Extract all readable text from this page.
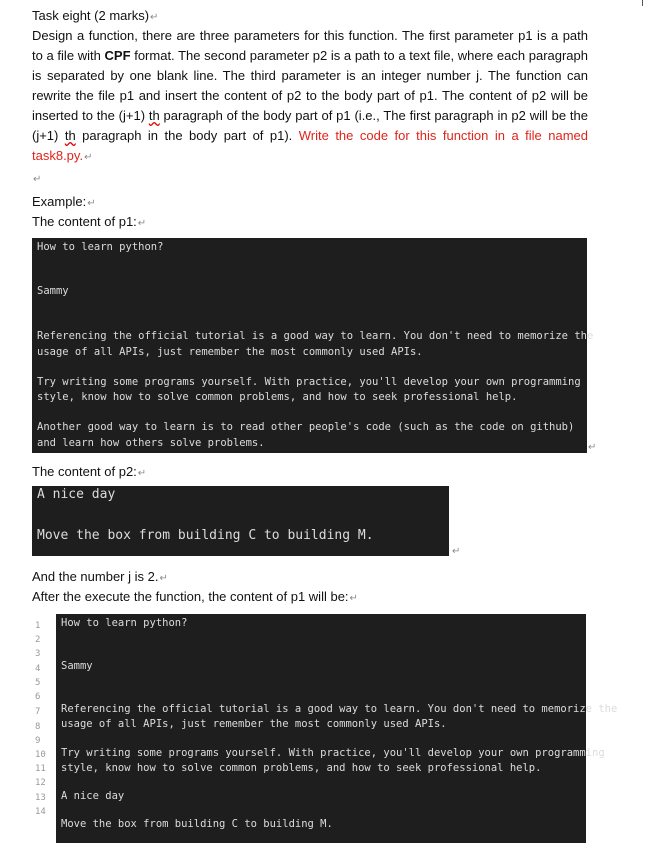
Task eight (2 marks)↵
Design a function, there are three parameters for this function. The first parameter p1 is a path to a file with CPF format. The second parameter p2 is a path to a text file, where each paragraph is separated by one blank line. The third parameter is an integer number j. The function can rewrite the file p1 and insert the content of p2 to the body part of p1. The content of p2 will be inserted to the (j+1) th paragraph of the body part of p1 (i.e., The first paragraph in p2 will be the (j+1) th paragraph in the body part of p1). Write the code for this function in a file named task8.py.↵
↵
Example:↵
The content of p1:↵
How to learn python?
Sammy
Referencing the official tutorial is a good way to learn. You don't need to memorize the
usage of all APIs, just remember the most commonly used APIs.
Try writing some programs yourself. With practice, you'll develop your own programming
style, know how to solve common problems, and how to seek professional help.
Another good way to learn is to read other people's code (such as the code on github)
and learn how others solve problems.	↵
The content of p2:↵
A nice day
Move the box from building C to building M.
↵
And the number j is 2.↵
After the execute the function, the content of p1 will be:↵
1
2
3
4
5
6
7
8
9
10
11
12
13
14
How to learn python?
Sammy
Referencing the official tutorial is a good way to learn. You don't need to memorize the
usage of all APIs, just remember the most commonly used APIs.
Try writing some programs yourself. With practice, you'll develop your own programming
style, know how to solve common problems, and how to seek professional help.
A nice day
Move the box from building C to building M.
